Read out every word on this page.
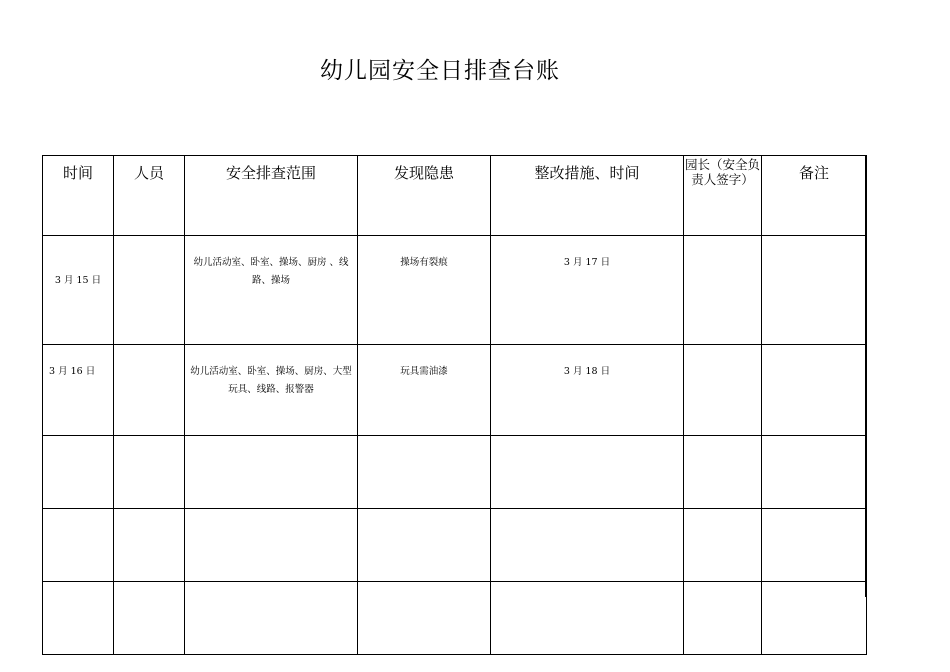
幼儿园安全日排查台账
时间	人员	安全排查范围	发现隐患	整改措施、时间	园长（安全负责人签字）	备注
3 月 15 日		幼儿活动室、卧室、操场、厨房 、线路、操场	操场有裂痕	3 月 17 日		
3 月 16 日		幼儿活动室、卧室、操场、厨房、大型玩具、线路、报警器	玩具需油漆	3 月 18 日		
